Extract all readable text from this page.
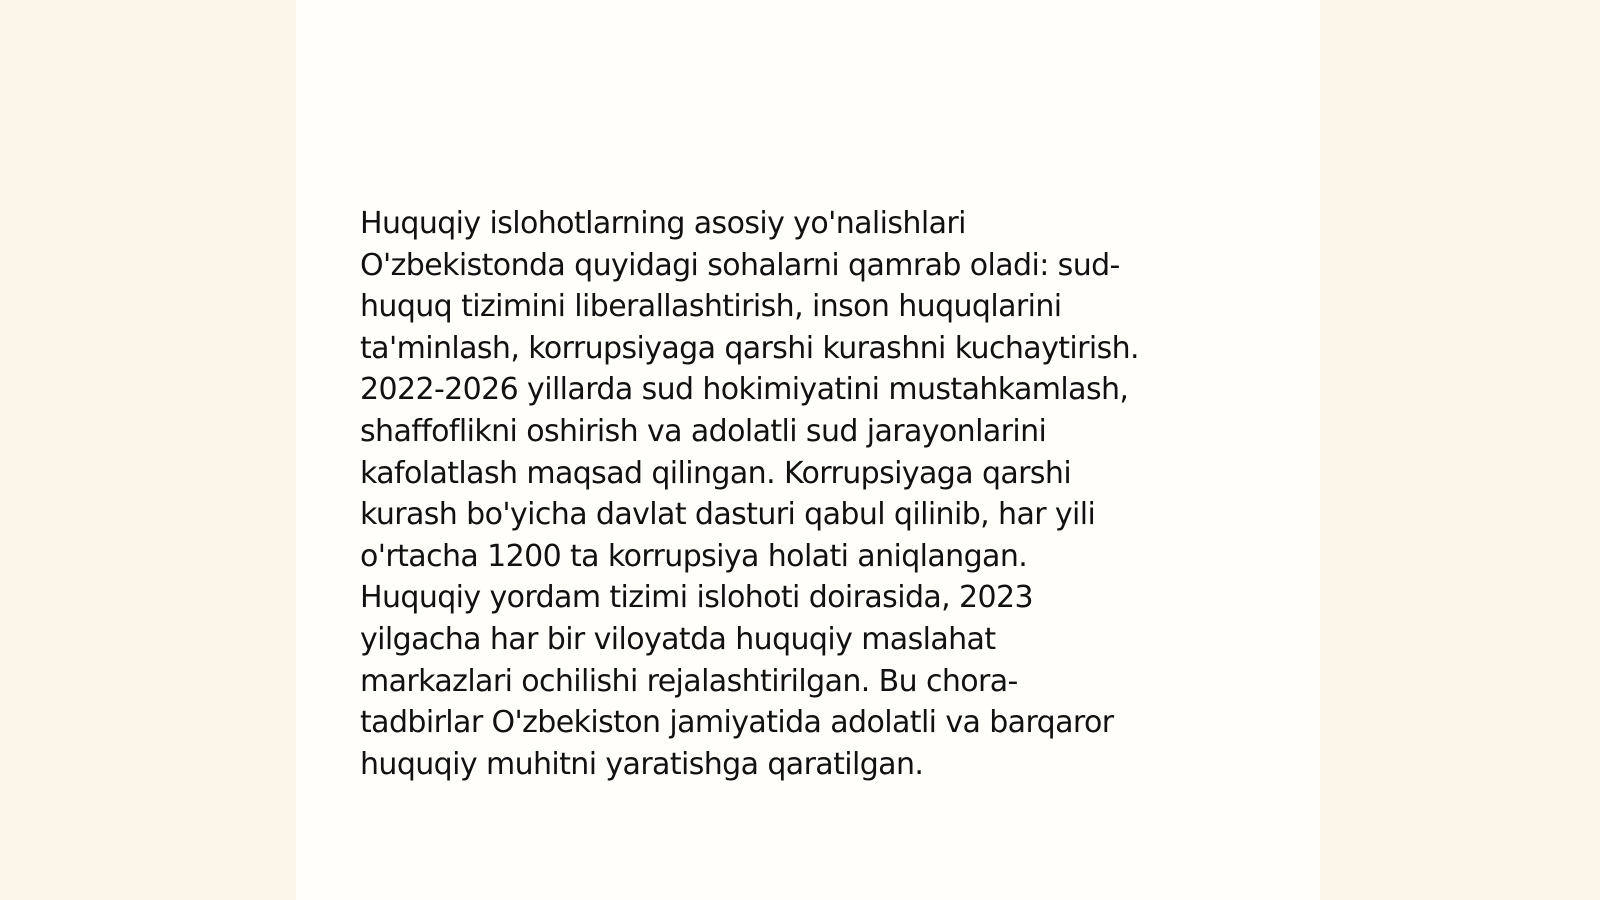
Huquqiy islohotlarning asosiy yo'nalishlari
O'zbekistonda quyidagi sohalarni qamrab oladi: sud-
huquq tizimini liberallashtirish, inson huquqlarini
ta'minlash, korrupsiyaga qarshi kurashni kuchaytirish.
2022-2026 yillarda sud hokimiyatini mustahkamlash,
shaffoflikni oshirish va adolatli sud jarayonlarini
kafolatlash maqsad qilingan. Korrupsiyaga qarshi
kurash bo'yicha davlat dasturi qabul qilinib, har yili
o'rtacha 1200 ta korrupsiya holati aniqlangan.
Huquqiy yordam tizimi islohoti doirasida, 2023
yilgacha har bir viloyatda huquqiy maslahat
markazlari ochilishi rejalashtirilgan. Bu chora-
tadbirlar O'zbekiston jamiyatida adolatli va barqaror
huquqiy muhitni yaratishga qaratilgan.
